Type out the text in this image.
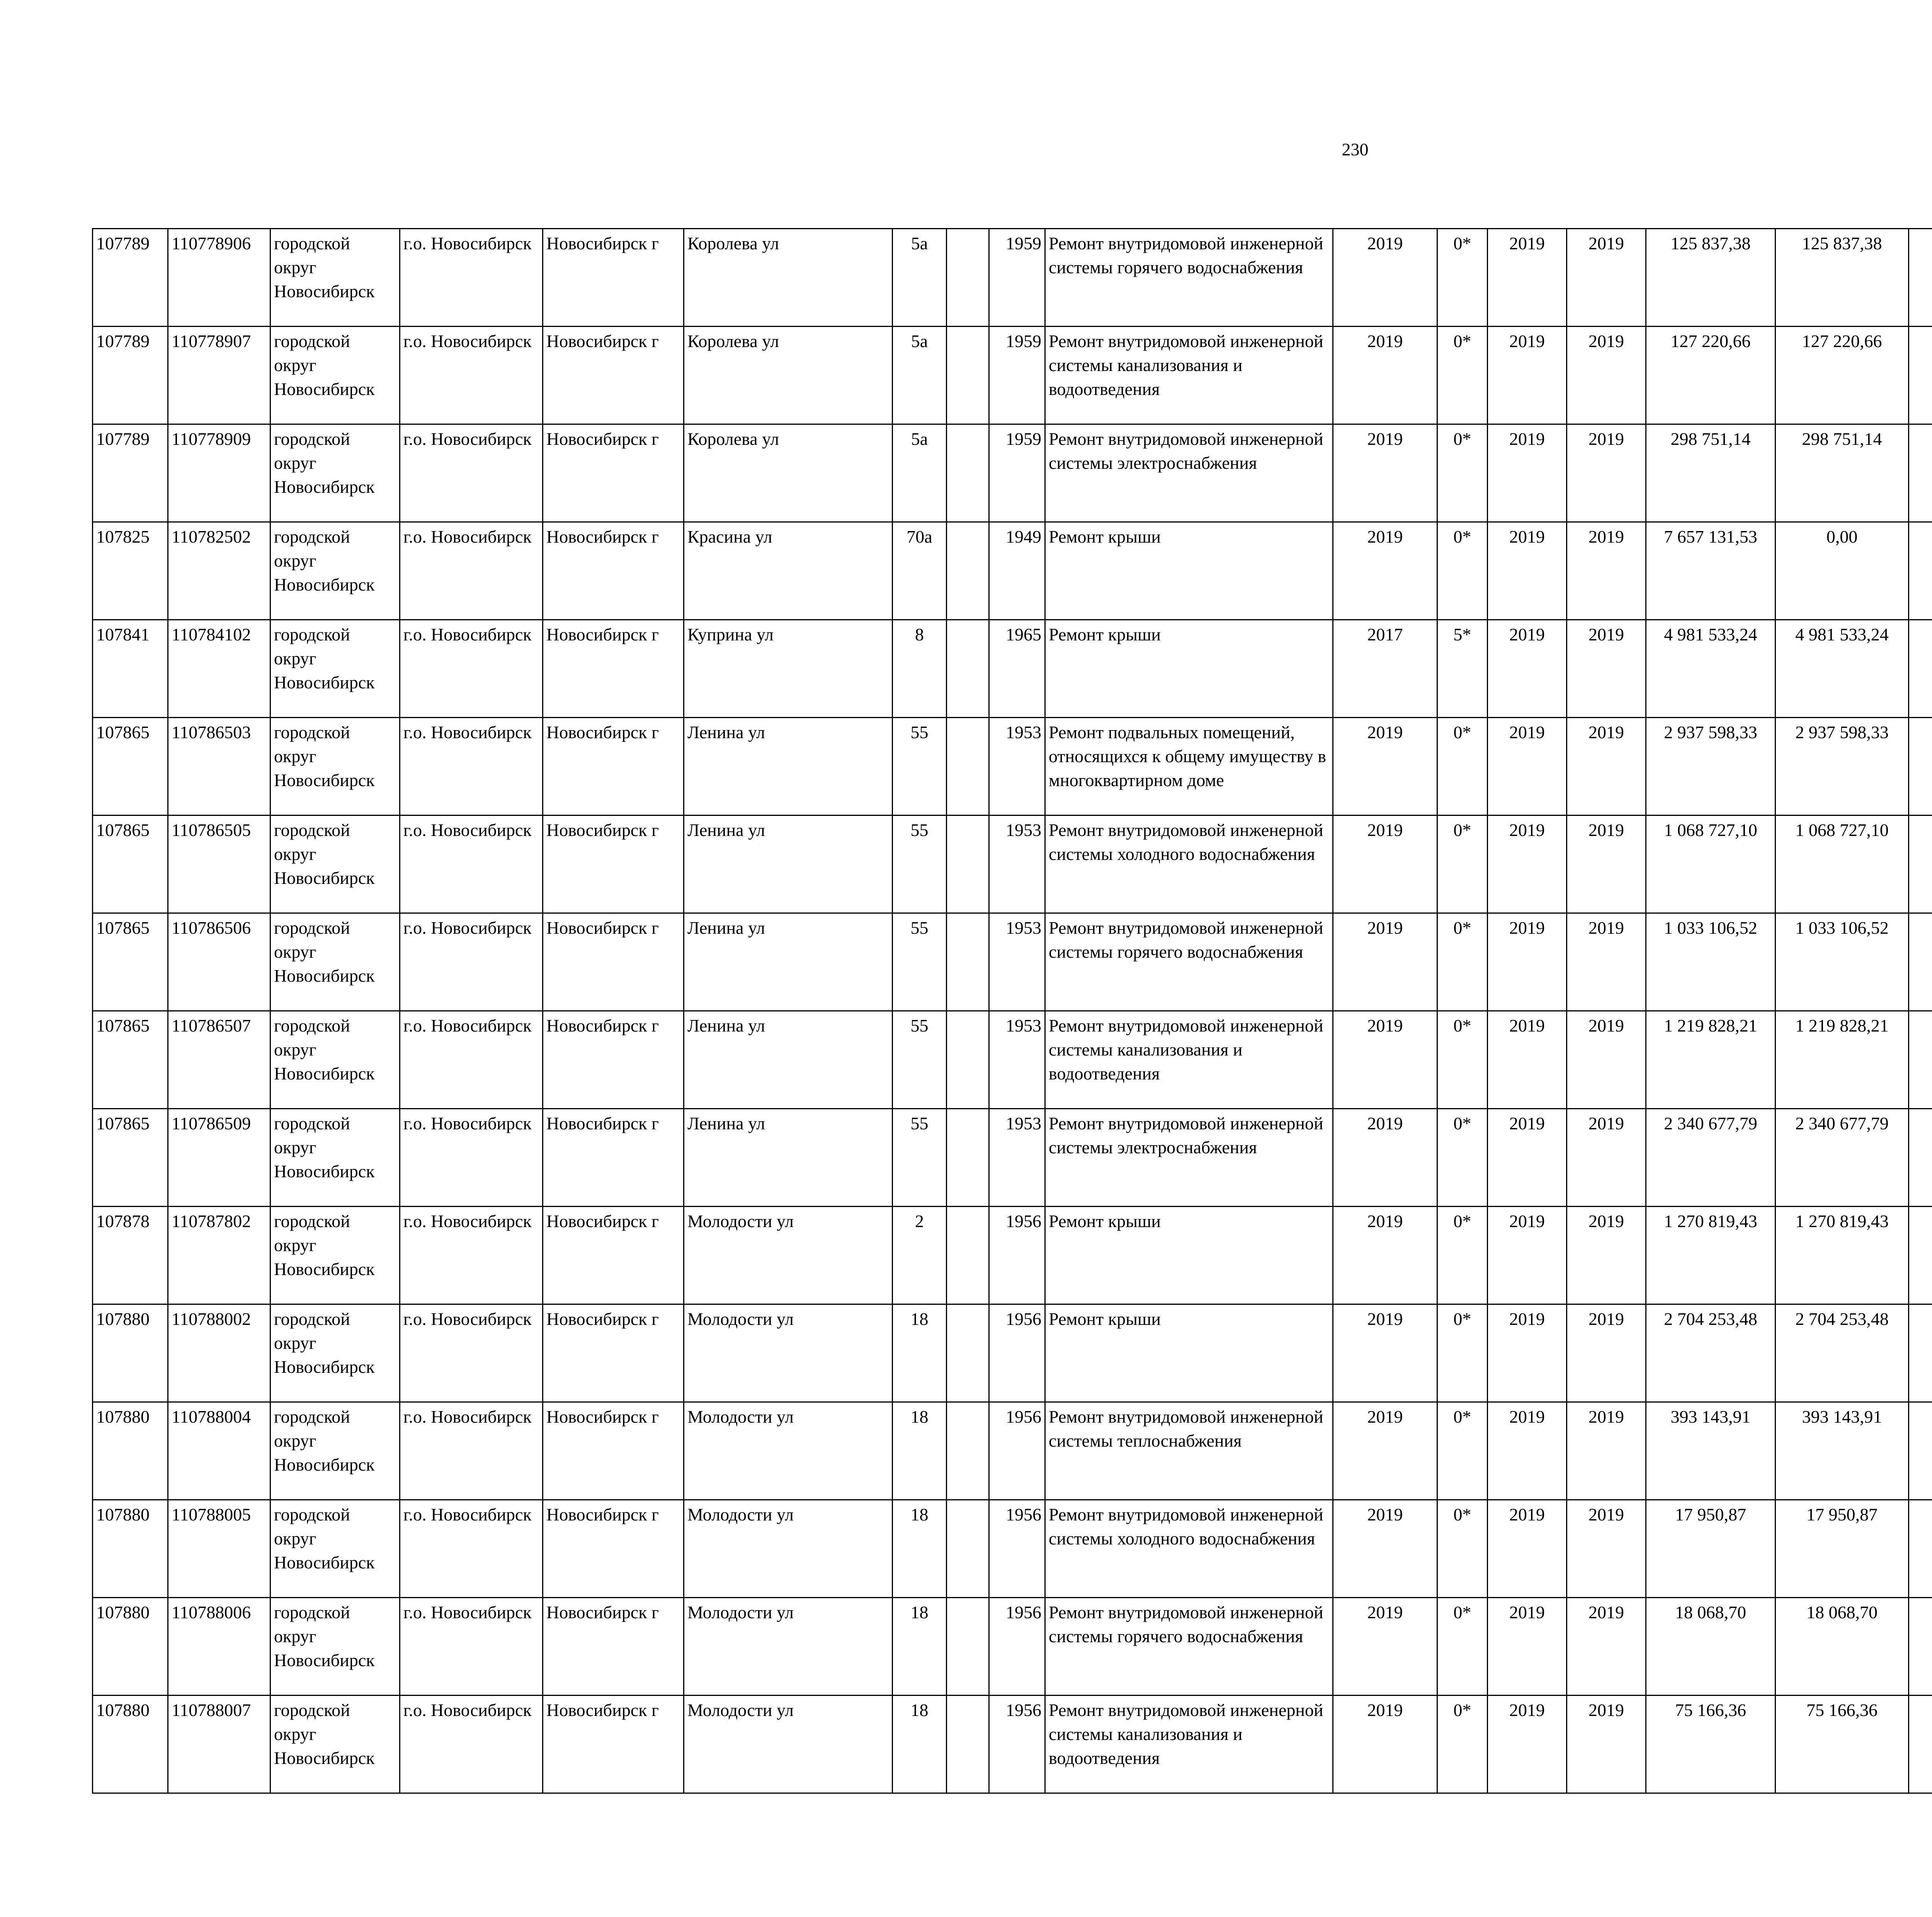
230
107789	110778906	городской округ Новосибирск	г.о. Новосибирск	Новосибирск г	Королева ул	5а		1959	Ремонт внутридомовой инженерной системы горячего водоснабжения	2019	0*	2019	2019	125 837,38	125 837,38						
107789	110778907	городской округ Новосибирск	г.о. Новосибирск	Новосибирск г	Королева ул	5а		1959	Ремонт внутридомовой инженерной системы канализования и водоотведения	2019	0*	2019	2019	127 220,66	127 220,66						
107789	110778909	городской округ Новосибирск	г.о. Новосибирск	Новосибирск г	Королева ул	5а		1959	Ремонт внутридомовой инженерной системы электроснабжения	2019	0*	2019	2019	298 751,14	298 751,14						
107825	110782502	городской округ Новосибирск	г.о. Новосибирск	Новосибирск г	Красина ул	70а		1949	Ремонт крыши	2019	0*	2019	2019	7 657 131,53	0,00						
107841	110784102	городской округ Новосибирск	г.о. Новосибирск	Новосибирск г	Куприна ул	8		1965	Ремонт крыши	2017	5*	2019	2019	4 981 533,24	4 981 533,24						
107865	110786503	городской округ Новосибирск	г.о. Новосибирск	Новосибирск г	Ленина ул	55		1953	Ремонт подвальных помещений, относящихся к общему имуществу в многоквартирном доме	2019	0*	2019	2019	2 937 598,33	2 937 598,33						
107865	110786505	городской округ Новосибирск	г.о. Новосибирск	Новосибирск г	Ленина ул	55		1953	Ремонт внутридомовой инженерной системы холодного водоснабжения	2019	0*	2019	2019	1 068 727,10	1 068 727,10						
107865	110786506	городской округ Новосибирск	г.о. Новосибирск	Новосибирск г	Ленина ул	55		1953	Ремонт внутридомовой инженерной системы горячего водоснабжения	2019	0*	2019	2019	1 033 106,52	1 033 106,52						
107865	110786507	городской округ Новосибирск	г.о. Новосибирск	Новосибирск г	Ленина ул	55		1953	Ремонт внутридомовой инженерной системы канализования и водоотведения	2019	0*	2019	2019	1 219 828,21	1 219 828,21						
107865	110786509	городской округ Новосибирск	г.о. Новосибирск	Новосибирск г	Ленина ул	55		1953	Ремонт внутридомовой инженерной системы электроснабжения	2019	0*	2019	2019	2 340 677,79	2 340 677,79						
107878	110787802	городской округ Новосибирск	г.о. Новосибирск	Новосибирск г	Молодости ул	2		1956	Ремонт крыши	2019	0*	2019	2019	1 270 819,43	1 270 819,43						
107880	110788002	городской округ Новосибирск	г.о. Новосибирск	Новосибирск г	Молодости ул	18		1956	Ремонт крыши	2019	0*	2019	2019	2 704 253,48	2 704 253,48						
107880	110788004	городской округ Новосибирск	г.о. Новосибирск	Новосибирск г	Молодости ул	18		1956	Ремонт внутридомовой инженерной системы теплоснабжения	2019	0*	2019	2019	393 143,91	393 143,91						
107880	110788005	городской округ Новосибирск	г.о. Новосибирск	Новосибирск г	Молодости ул	18		1956	Ремонт внутридомовой инженерной системы холодного водоснабжения	2019	0*	2019	2019	17 950,87	17 950,87						
107880	110788006	городской округ Новосибирск	г.о. Новосибирск	Новосибирск г	Молодости ул	18		1956	Ремонт внутридомовой инженерной системы горячего водоснабжения	2019	0*	2019	2019	18 068,70	18 068,70						
107880	110788007	городской округ Новосибирск	г.о. Новосибирск	Новосибирск г	Молодости ул	18		1956	Ремонт внутридомовой инженерной системы канализования и водоотведения	2019	0*	2019	2019	75 166,36	75 166,36						
